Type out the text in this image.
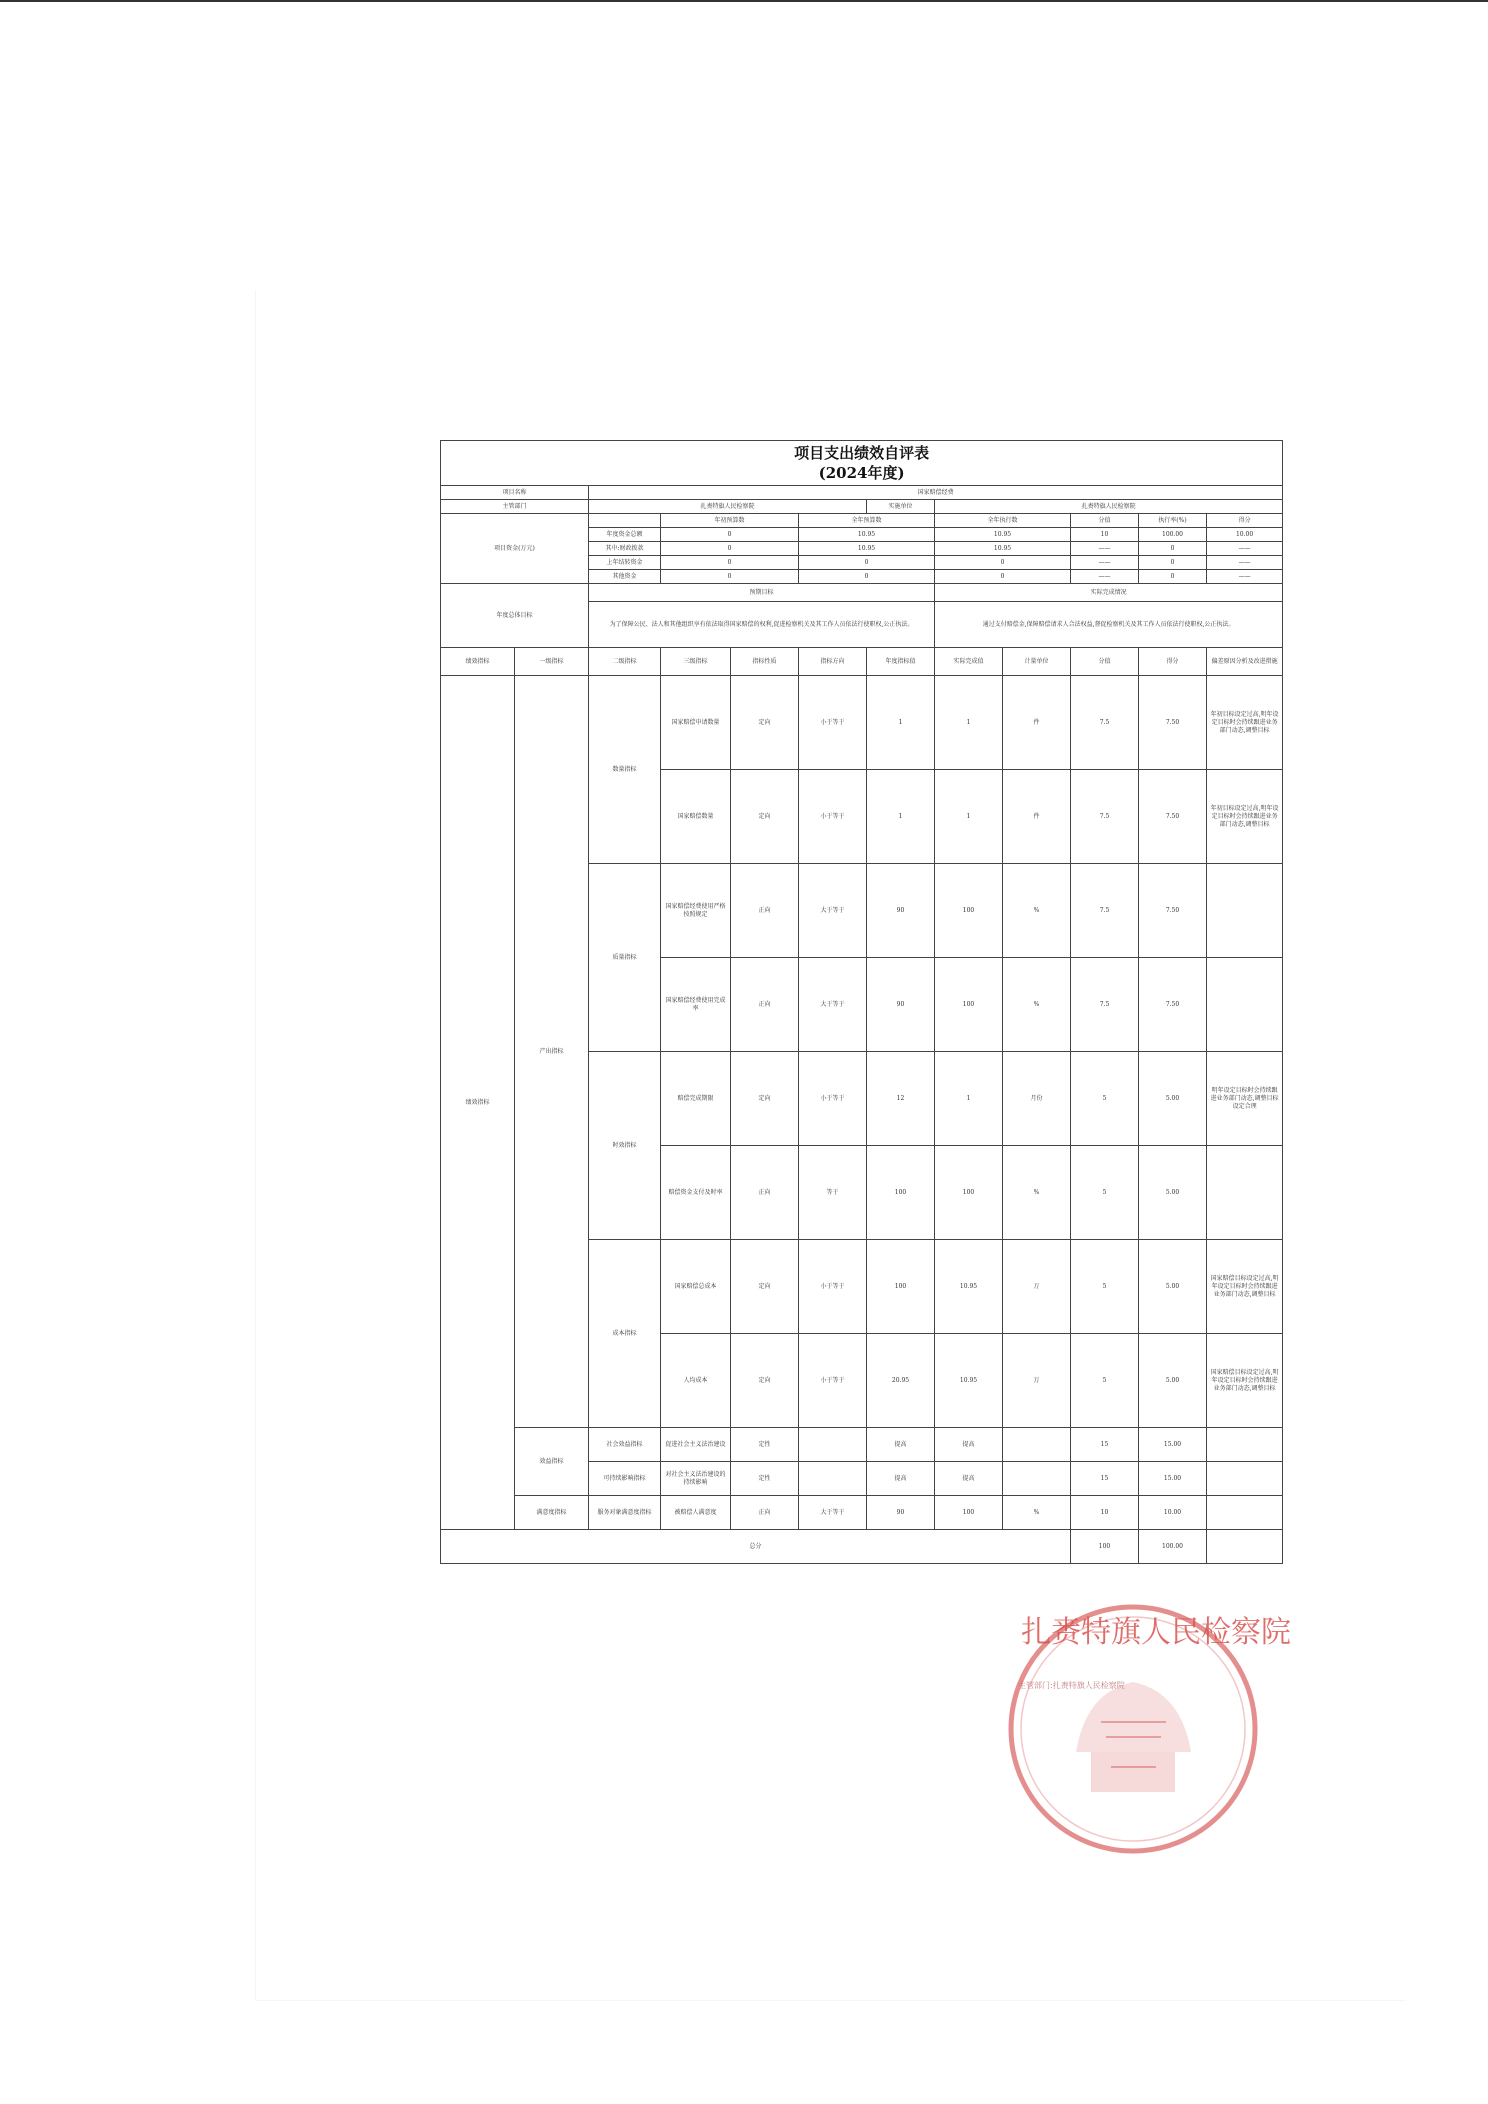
项目支出绩效自评表
(2024年度)											

项目名称		国家赔偿经费									
主管部门		扎赉特旗人民检察院				实施单位	扎赉特旗人民检察院				
项目资金(万元)			年初预算数		全年预算数		全年执行数		分值	执行率(%)	得分
		年度资金总额	0		10.95		10.95		10	100.00	10.00
		其中:财政拨款	0		10.95		10.95		——	0	——
		上年结转资金	0		0		0		——	0	——
		其他资金	0		0		0		——	0	——
年度总体目标		预期目标					实际完成情况				
		为了保障公民、法人和其他组织享有依法取得国家赔偿的权利,促进检察机关及其工作人员依法行使职权,公正执法。					通过支付赔偿金,保障赔偿请求人合法权益,督促检察机关及其工作人员依法行使职权,公正执法。				
绩效指标	一级指标	二级指标	三级指标	指标性质	指标方向	年度指标值	实际完成值	计量单位	分值	得分	偏差原因分析及改进措施
绩效指标	产出指标	数量指标	国家赔偿申请数量	定向	小于等于	1	1	件	7.5	7.50	年初目标设定过高,明年设定目标时会持续跟进业务部门动态,调整目标
			国家赔偿数量	定向	小于等于	1	1	件	7.5	7.50	年初目标设定过高,明年设定目标时会持续跟进业务部门动态,调整目标
		质量指标	国家赔偿经费使用严格按照规定	正向	大于等于	90	100	%	7.5	7.50	
			国家赔偿经费使用完成率	正向	大于等于	90	100	%	7.5	7.50	
		时效指标	赔偿完成期限	定向	小于等于	12	1	月份	5	5.00	明年设定目标时会持续跟进业务部门动态,调整目标设定合理
			赔偿资金支付及时率	正向	等于	100	100	%	5	5.00	
		成本指标	国家赔偿总成本	定向	小于等于	100	10.95	万	5	5.00	国家赔偿目标设定过高,明年设定目标时会持续跟进业务部门动态,调整目标
			人均成本	定向	小于等于	20.95	10.95	万	5	5.00	国家赔偿目标设定过高,明年设定目标时会持续跟进业务部门动态,调整目标
	效益指标	社会效益指标	促进社会主义法治建设	定性		提高	提高		15	15.00	
		可持续影响指标	对社会主义法治建设的持续影响	定性		提高	提高		15	15.00	
	满意度指标	服务对象满意度指标	被赔偿人满意度	正向	大于等于	90	100	%	10	10.00	
总分									100	100.00	
扎赉特旗人民检察院
主管部门:扎赉特旗人民检察院
